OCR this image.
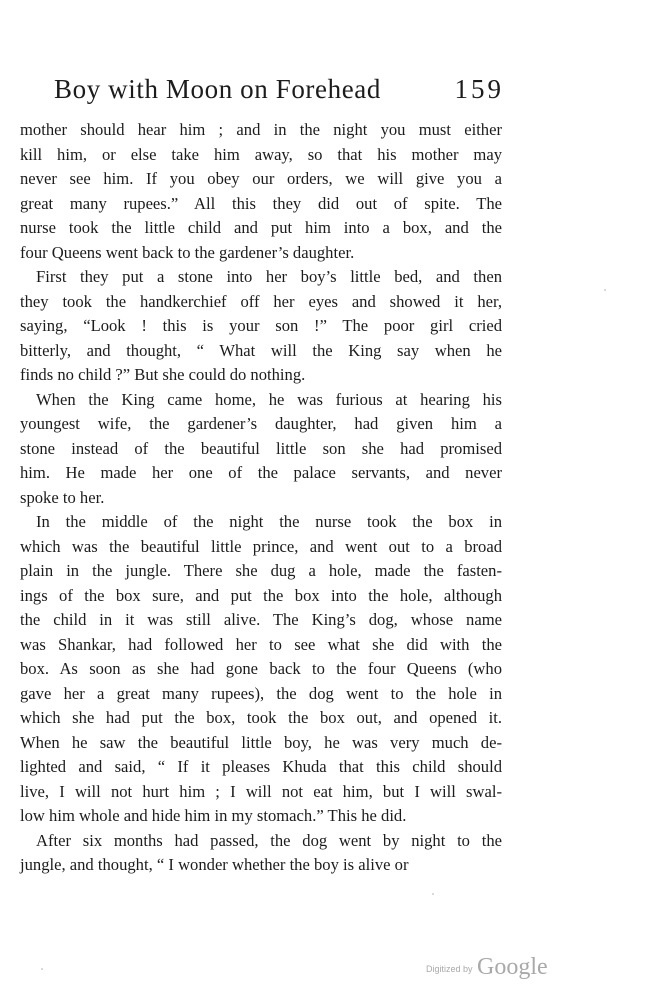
Boy with Moon on Forehead	159
mother should hear him ; and in the night you must either
kill him, or else take him away, so that his mother may
never see him. If you obey our orders, we will give you a
great many rupees.” All this they did out of spite. The
nurse took the little child and put him into a box, and the
four Queens went back to the gardener’s daughter.
First they put a stone into her boy’s little bed, and then
they took the handkerchief off her eyes and showed it her,
saying, “Look ! this is your son !” The poor girl cried
bitterly, and thought, “ What will the King say when he
finds no child ?” But she could do nothing.
When the King came home, he was furious at hearing his
youngest wife, the gardener’s daughter, had given him a
stone instead of the beautiful little son she had promised
him. He made her one of the palace servants, and never
spoke to her.
In the middle of the night the nurse took the box in
which was the beautiful little prince, and went out to a broad
plain in the jungle. There she dug a hole, made the fasten-
ings of the box sure, and put the box into the hole, although
the child in it was still alive. The King’s dog, whose name
was Shankar, had followed her to see what she did with the
box. As soon as she had gone back to the four Queens (who
gave her a great many rupees), the dog went to the hole in
which she had put the box, took the box out, and opened it.
When he saw the beautiful little boy, he was very much de-
lighted and said, “ If it pleases Khuda that this child should
live, I will not hurt him ; I will not eat him, but I will swal-
low him whole and hide him in my stomach.” This he did.
After six months had passed, the dog went by night to the
jungle, and thought, “ I wonder whether the boy is alive or
Digitized by Google
